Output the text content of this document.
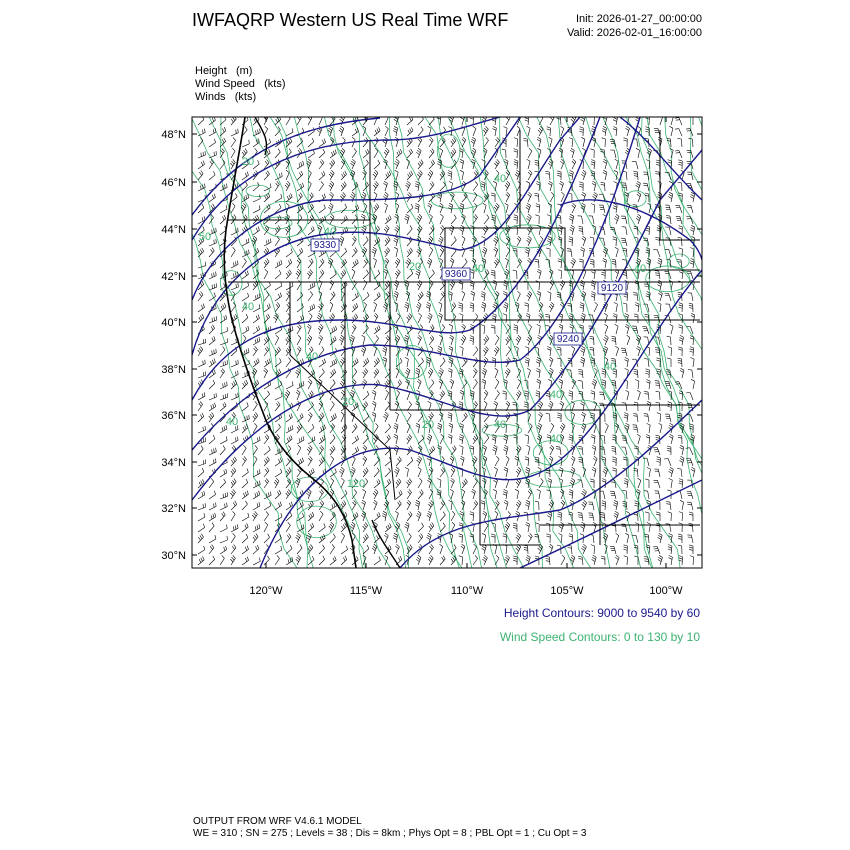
IWFAQRP Western US Real Time WRF	Init: 2026-01-27_00:00:00
Valid: 2026-02-01_16:00:00
Height (m)
Wind Speed (kts)
Winds (kts)
9330
9360
9120
9240
50
40
40
20	40
40
40
40
20
20	40
40
40
120
40
40
20
48°N
46°N
44°N
42°N
40°N
38°N
36°N
34°N
32°N
30°N
120°W	115°W	110°W	105°W	100°W
Height Contours: 9000 to 9540 by 60
Wind Speed Contours: 0 to 130 by 10
OUTPUT FROM WRF V4.6.1 MODEL
WE = 310 ; SN = 275 ; Levels = 38 ; Dis = 8km ; Phys Opt = 8 ; PBL Opt = 1 ; Cu Opt = 3
